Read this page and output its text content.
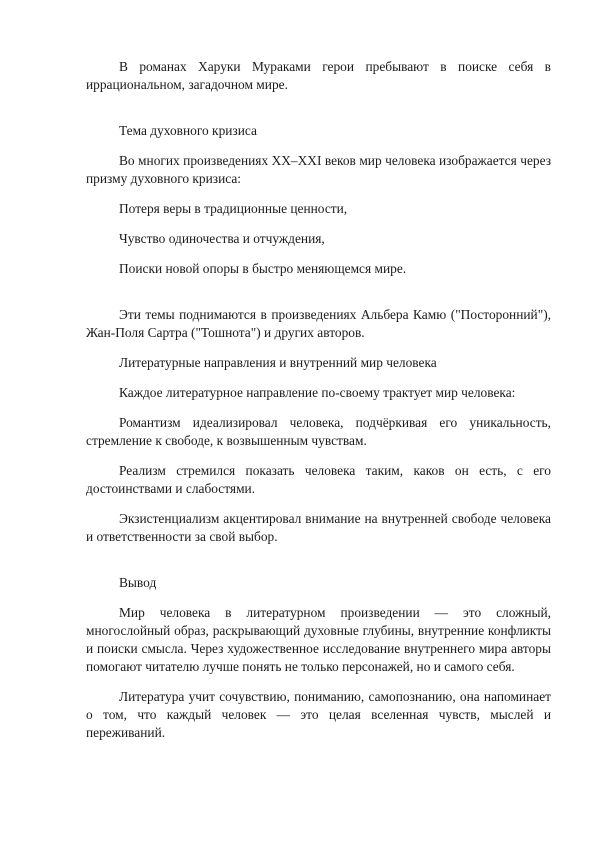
В романах Харуки Мураками герои пребывают в поиске себя в иррациональном, загадочном мире.

Тема духовного кризиса

Во многих произведениях XX–XXI веков мир человека изображается через призму духовного кризиса:

Потеря веры в традиционные ценности,

Чувство одиночества и отчуждения,

Поиски новой опоры в быстро меняющемся мире.

Эти темы поднимаются в произведениях Альбера Камю ("Посторонний"), Жан-Поля Сартра ("Тошнота") и других авторов.

Литературные направления и внутренний мир человека

Каждое литературное направление по-своему трактует мир человека:

Романтизм идеализировал человека, подчёркивая его уникальность, стремление к свободе, к возвышенным чувствам.

Реализм стремился показать человека таким, каков он есть, с его достоинствами и слабостями.

Экзистенциализм акцентировал внимание на внутренней свободе человека и ответственности за свой выбор.

Вывод

Мир человека в литературном произведении — это сложный, многослойный образ, раскрывающий духовные глубины, внутренние конфликты и поиски смысла. Через художественное исследование внутреннего мира авторы помогают читателю лучше понять не только персонажей, но и самого себя.

Литература учит сочувствию, пониманию, самопознанию, она напоминает о том, что каждый человек — это целая вселенная чувств, мыслей и переживаний.
